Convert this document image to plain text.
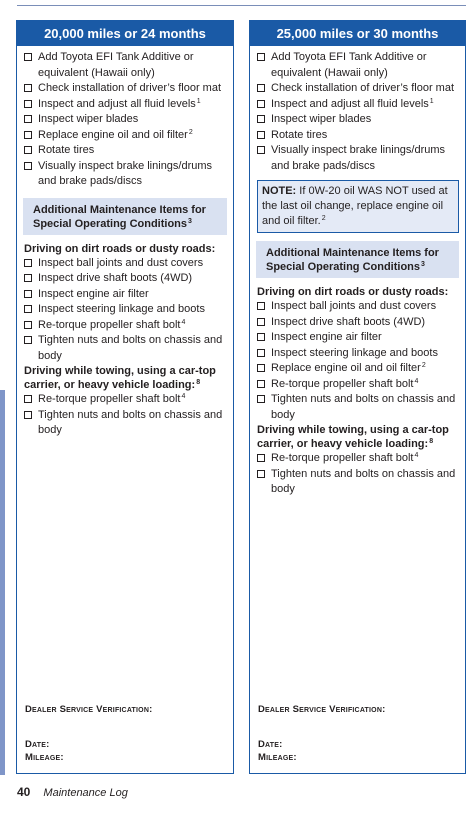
20,000 miles or 24 months
Add Toyota EFI Tank Additive or equivalent (Hawaii only)
Check installation of driver’s floor mat
Inspect and adjust all fluid levels$^1$
Inspect wiper blades
Replace engine oil and oil filter$^2$
Rotate tires
Visually inspect brake linings/drums and brake pads/discs
Additional Maintenance Items for Special Operating Conditions$^3$
Driving on dirt roads or dusty roads:
Inspect ball joints and dust covers
Inspect drive shaft boots (4WD)
Inspect engine air filter
Inspect steering linkage and boots
Re-torque propeller shaft bolt$^4$
Tighten nuts and bolts on chassis and body
Driving while towing, using a car-top carrier, or heavy vehicle loading:$^8$
Re-torque propeller shaft bolt$^4$
Tighten nuts and bolts on chassis and body
Dealer Service Verification:
Date:
Mileage:
25,000 miles or 30 months
Add Toyota EFI Tank Additive or equivalent (Hawaii only)
Check installation of driver’s floor mat
Inspect and adjust all fluid levels$^1$
Inspect wiper blades
Rotate tires
Visually inspect brake linings/drums and brake pads/discs
NOTE: If 0W-20 oil WAS NOT used at the last oil change, replace engine oil and oil filter.$^2$
Additional Maintenance Items for Special Operating Conditions$^3$
Driving on dirt roads or dusty roads:
Inspect ball joints and dust covers
Inspect drive shaft boots (4WD)
Inspect engine air filter
Inspect steering linkage and boots
Replace engine oil and oil filter$^2$
Re-torque propeller shaft bolt$^4$
Tighten nuts and bolts on chassis and body
Driving while towing, using a car-top carrier, or heavy vehicle loading:$^8$
Re-torque propeller shaft bolt$^4$
Tighten nuts and bolts on chassis and body
Dealer Service Verification:
Date:
Mileage:
40 Maintenance Log
